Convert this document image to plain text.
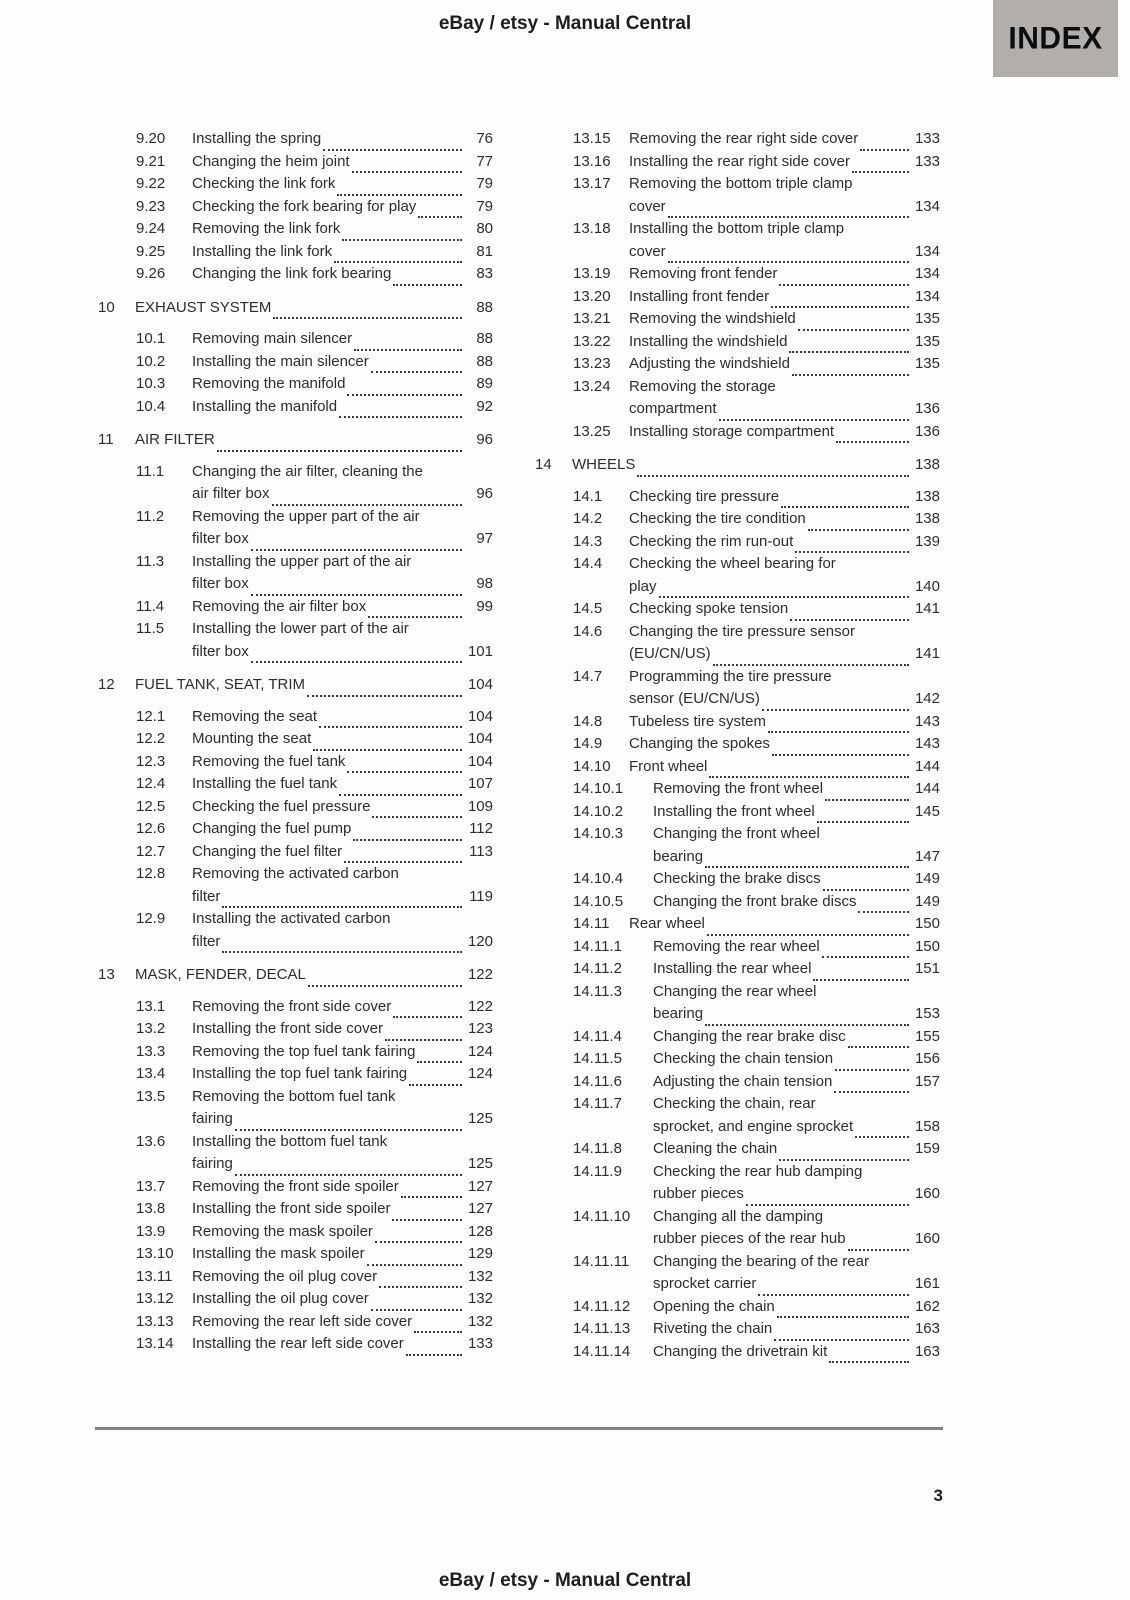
eBay / etsy - Manual Central	INDEX
9.20	Installing the spring	76
9.21	Changing the heim joint	77
9.22	Checking the link fork	79
9.23	Checking the fork bearing for play	79
9.24	Removing the link fork	80
9.25	Installing the link fork	81
9.26	Changing the link fork bearing	83
10	EXHAUST SYSTEM	88
10.1	Removing main silencer	88
10.2	Installing the main silencer	88
10.3	Removing the manifold	89
10.4	Installing the manifold	92
11	AIR FILTER	96
11.1	Changing the air filter, cleaning the
air filter box	96
11.2	Removing the upper part of the air
filter box	97
11.3	Installing the upper part of the air
filter box	98
11.4	Removing the air filter box	99
11.5	Installing the lower part of the air
filter box	101
12	FUEL TANK, SEAT, TRIM	104
12.1	Removing the seat	104
12.2	Mounting the seat	104
12.3	Removing the fuel tank	104
12.4	Installing the fuel tank	107
12.5	Checking the fuel pressure	109
12.6	Changing the fuel pump	112
12.7	Changing the fuel filter	113
12.8	Removing the activated carbon
filter	119
12.9	Installing the activated carbon
filter	120
13	MASK, FENDER, DECAL	122
13.1	Removing the front side cover	122
13.2	Installing the front side cover	123
13.3	Removing the top fuel tank fairing	124
13.4	Installing the top fuel tank fairing	124
13.5	Removing the bottom fuel tank
fairing	125
13.6	Installing the bottom fuel tank
fairing	125
13.7	Removing the front side spoiler	127
13.8	Installing the front side spoiler	127
13.9	Removing the mask spoiler	128
13.10	Installing the mask spoiler	129
13.11	Removing the oil plug cover	132
13.12	Installing the oil plug cover	132
13.13	Removing the rear left side cover	132
13.14	Installing the rear left side cover	133
13.15	Removing the rear right side cover	133
13.16	Installing the rear right side cover	133
13.17	Removing the bottom triple clamp
cover	134
13.18	Installing the bottom triple clamp
cover	134
13.19	Removing front fender	134
13.20	Installing front fender	134
13.21	Removing the windshield	135
13.22	Installing the windshield	135
13.23	Adjusting the windshield	135
13.24	Removing the storage
compartment	136
13.25	Installing storage compartment	136
14	WHEELS	138
14.1	Checking tire pressure	138
14.2	Checking the tire condition	138
14.3	Checking the rim run-out	139
14.4	Checking the wheel bearing for
play	140
14.5	Checking spoke tension	141
14.6	Changing the tire pressure sensor
(EU/CN/US)	141
14.7	Programming the tire pressure
sensor (EU/CN/US)	142
14.8	Tubeless tire system	143
14.9	Changing the spokes	143
14.10	Front wheel	144
14.10.1	Removing the front wheel	144
14.10.2	Installing the front wheel	145
14.10.3	Changing the front wheel
bearing	147
14.10.4	Checking the brake discs	149
14.10.5	Changing the front brake discs	149
14.11	Rear wheel	150
14.11.1	Removing the rear wheel	150
14.11.2	Installing the rear wheel	151
14.11.3	Changing the rear wheel
bearing	153
14.11.4	Changing the rear brake disc	155
14.11.5	Checking the chain tension	156
14.11.6	Adjusting the chain tension	157
14.11.7	Checking the chain, rear
sprocket, and engine sprocket	158
14.11.8	Cleaning the chain	159
14.11.9	Checking the rear hub damping
rubber pieces	160
14.11.10	Changing all the damping
rubber pieces of the rear hub	160
14.11.11	Changing the bearing of the rear
sprocket carrier	161
14.11.12	Opening the chain	162
14.11.13	Riveting the chain	163
14.11.14	Changing the drivetrain kit	163
3
eBay / etsy - Manual Central
